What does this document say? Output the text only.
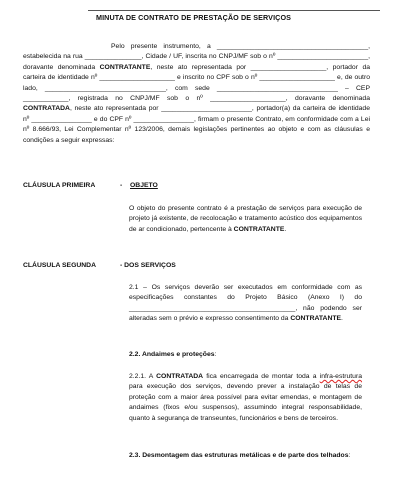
MINUTA DE CONTRATO DE PRESTAÇÃO DE SERVIÇOS
Pelo presente instrumento, a ________________________________________, estabelecida na rua _______________, Cidade / UF, inscrita no CNPJ/MF sob o nº ________________________, doravante denominada CONTRATANTE, neste ato representada por ____________________, portador da carteira de identidade nº ____________________ e inscrito no CPF sob o nº ____________________ e, de outro lado, ________________________________, com sede ________________________________ – CEP ____________, registrada no CNPJ/MF sob o nº ____________________, doravante denominada CONTRATADA, neste ato representada por ________________________, portador(a) da carteira de identidade nº ________________ e do CPF nº ________________, firmam o presente Contrato, em conformidade com a Lei nº 8.666/93, Lei Complementar nº 123/2006, demais legislações pertinentes ao objeto e com as cláusulas e condições a seguir expressas:
CLÁUSULA PRIMEIRA	- OBJETO
O objeto do presente contrato é a prestação de serviços para execução de projeto já existente, de recolocação e tratamento acústico dos equipamentos de ar condicionado, pertencente à CONTRATANTE.
CLÁUSULA SEGUNDA	- DOS SERVIÇOS
2.1 – Os serviços deverão ser executados em conformidade com as especificações constantes do Projeto Básico (Anexo I) do ____________________________________________, não podendo ser alteradas sem o prévio e expresso consentimento da CONTRATANTE.
2.2. Andaimes e proteções:
2.2.1. A CONTRATADA fica encarregada de montar toda a infra-estrutura para execução dos serviços, devendo prever a instalação de telas de proteção com a maior área possível para evitar emendas, e montagem de andaimes (fixos e/ou suspensos), assumindo integral responsabilidade, quanto à segurança de transeuntes, funcionários e bens de terceiros.
2.3. Desmontagem das estruturas metálicas e de parte dos telhados:
